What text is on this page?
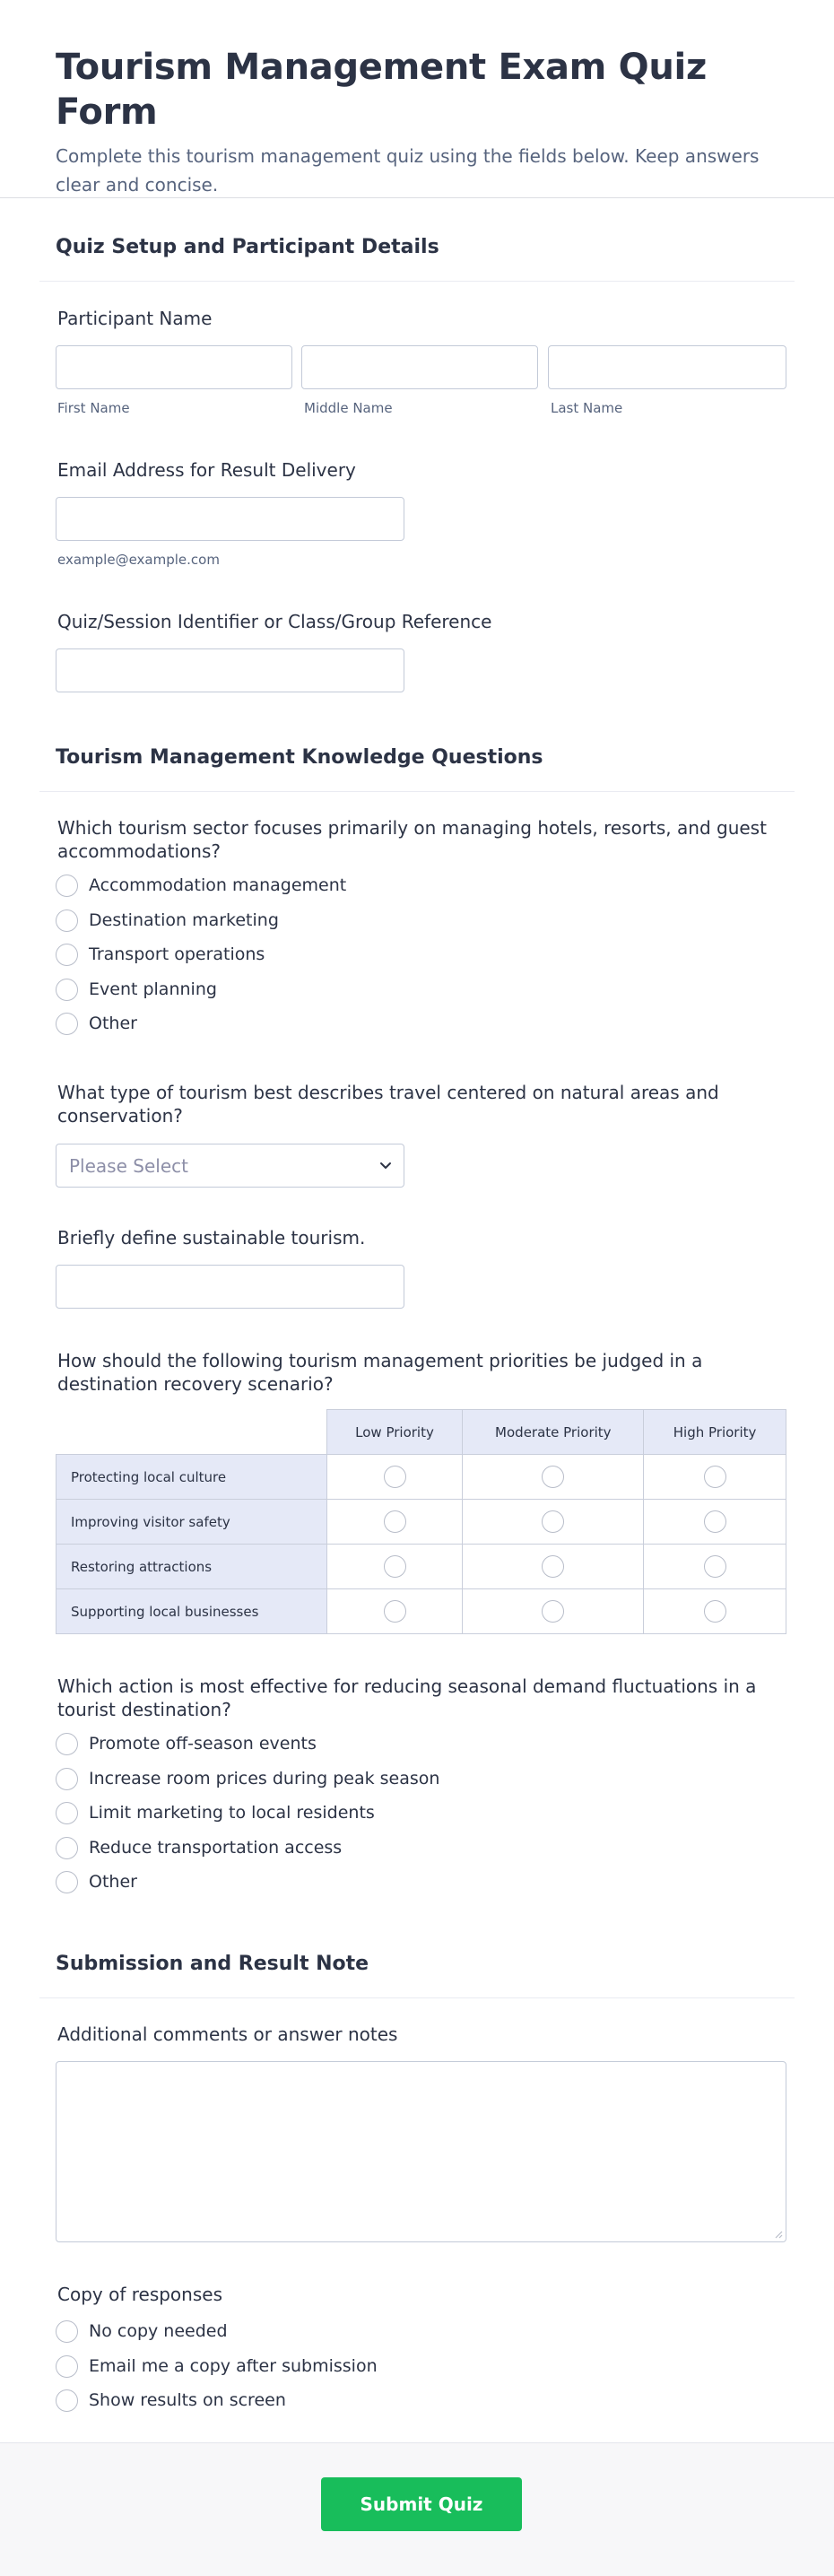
Tourism Management Exam Quiz Form

Complete this tourism management quiz using the fields below. Keep answers clear and concise.

Quiz Setup and Participant Details
Participant Name
First Name	Middle Name	Last Name
Email Address for Result Delivery
example@example.com
Quiz/Session Identifier or Class/Group Reference
Tourism Management Knowledge Questions
Which tourism sector focuses primarily on managing hotels, resorts, and guest accommodations?
Accommodation management
Destination marketing
Transport operations
Event planning
Other
What type of tourism best describes travel centered on natural areas and conservation?
Please Select
Briefly define sustainable tourism.
How should the following tourism management priorities be judged in a destination recovery scenario?
	Low Priority	Moderate Priority	High Priority
Protecting local culture			
Improving visitor safety			
Restoring attractions			
Supporting local businesses			
Which action is most effective for reducing seasonal demand fluctuations in a tourist destination?
Promote off-season events
Increase room prices during peak season
Limit marketing to local residents
Reduce transportation access
Other
Submission and Result Note
Additional comments or answer notes
Copy of responses
No copy needed
Email me a copy after submission
Show results on screen
Submit Quiz
